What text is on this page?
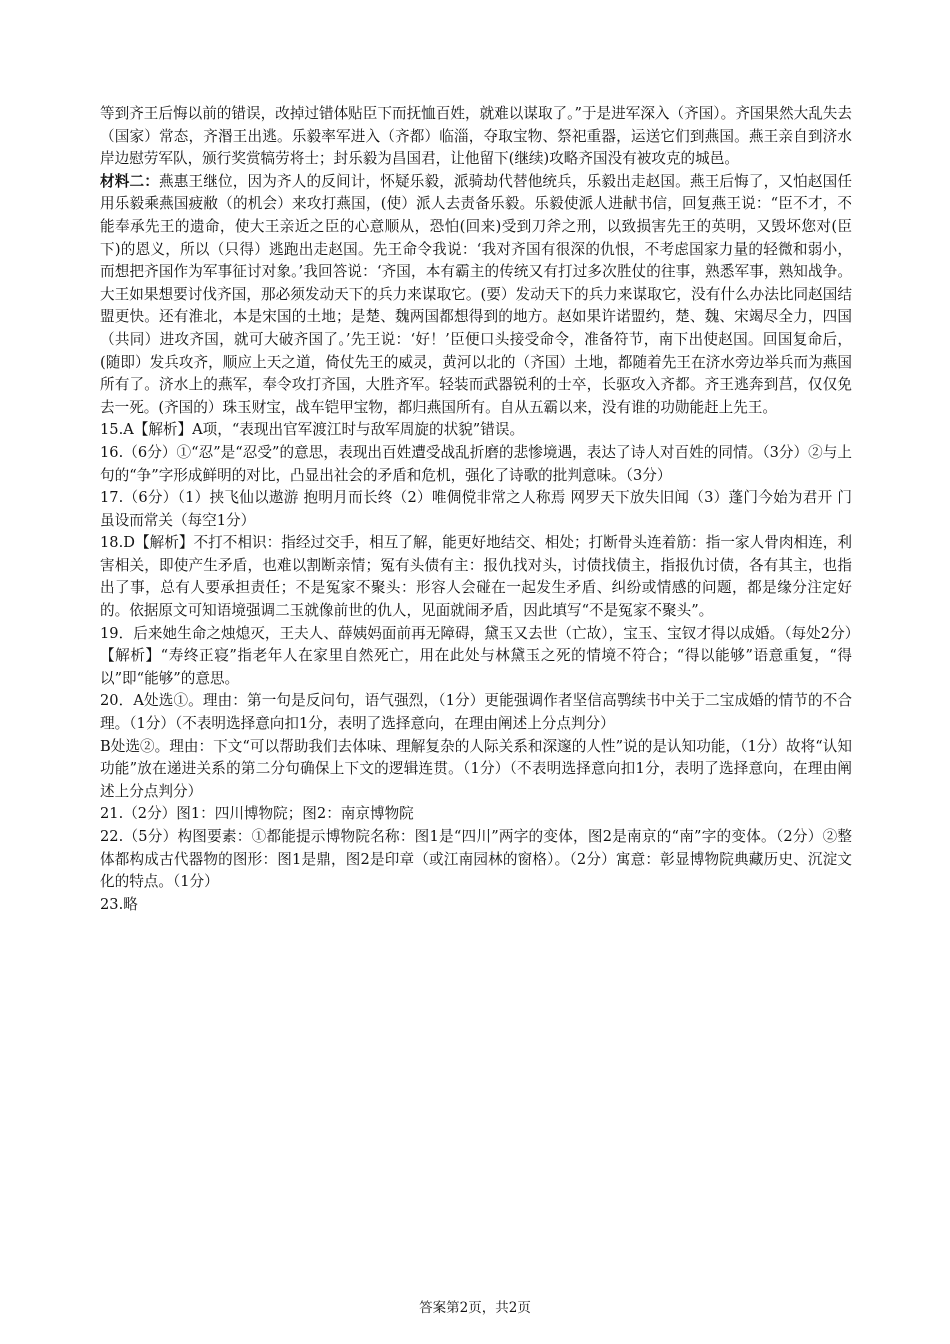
等到齐王后悔以前的错误，改掉过错体贴臣下而抚恤百姓，就难以谋取了。”于是进军深入（齐国）。齐国果然大乱失去（国家）常态，齐湣王出逃。乐毅率军进入（齐都）临淄，夺取宝物、祭祀重器，运送它们到燕国。燕王亲自到济水岸边慰劳军队，颁行奖赏犒劳将士；封乐毅为昌国君，让他留下(继续)攻略齐国没有被攻克的城邑。

材料二：燕惠王继位，因为齐人的反间计，怀疑乐毅，派骑劫代替他统兵，乐毅出走赵国。燕王后悔了，又怕赵国任用乐毅乘燕国疲敝（的机会）来攻打燕国，(使）派人去责备乐毅。乐毅使派人进献书信，回复燕王说：“臣不才，不能奉承先王的遗命，使大王亲近之臣的心意顺从，恐怕(回来)受到刀斧之刑，以致损害先王的英明，又毁坏您对(臣下)的恩义，所以（只得）逃跑出走赵国。先王命令我说：‘我对齐国有很深的仇恨，不考虑国家力量的轻微和弱小，而想把齐国作为军事征讨对象。’我回答说：‘齐国，本有霸主的传统又有打过多次胜仗的往事，熟悉军事，熟知战争。大王如果想要讨伐齐国，那必须发动天下的兵力来谋取它。(要）发动天下的兵力来谋取它，没有什么办法比同赵国结盟更快。还有淮北，本是宋国的土地；是楚、魏两国都想得到的地方。赵如果许诺盟约，楚、魏、宋竭尽全力，四国（共同）进攻齐国，就可大破齐国了。’先王说：‘好！’臣便口头接受命令，准备符节，南下出使赵国。回国复命后，(随即）发兵攻齐，顺应上天之道，倚仗先王的威灵，黄河以北的（齐国）土地，都随着先王在济水旁边举兵而为燕国所有了。济水上的燕军，奉令攻打齐国，大胜齐军。轻装而武器锐利的士卒，长驱攻入齐都。齐王逃奔到莒，仅仅免去一死。(齐国的）珠玉财宝，战车铠甲宝物，都归燕国所有。自从五霸以来，没有谁的功勋能赶上先王。

15.A【解析】A项，“表现出官军渡江时与敌军周旋的状貌”错误。

16.（6分）①“忍”是“忍受”的意思，表现出百姓遭受战乱折磨的悲惨境遇，表达了诗人对百姓的同情。（3分）②与上句的“争”字形成鲜明的对比，凸显出社会的矛盾和危机，强化了诗歌的批判意味。（3分）

17.（6分）（1）挟飞仙以遨游 抱明月而长终（2）唯倜傥非常之人称焉 网罗天下放失旧闻（3）蓬门今始为君开 门虽设而常关（每空1分）

18.D【解析】不打不相识：指经过交手，相互了解，能更好地结交、相处；打断骨头连着筋：指一家人骨肉相连，利害相关，即使产生矛盾，也难以割断亲情；冤有头债有主：报仇找对头，讨债找债主，指报仇讨债，各有其主，也指出了事，总有人要承担责任；不是冤家不聚头：形容人会碰在一起发生矛盾、纠纷或情感的问题，都是缘分注定好的。依据原文可知语境强调二玉就像前世的仇人，见面就闹矛盾，因此填写“不是冤家不聚头”。

19．后来她生命之烛熄灭，王夫人、薛姨妈面前再无障碍，黛玉又去世（亡故），宝玉、宝钗才得以成婚。（每处2分）【解析】“寿终正寝”指老年人在家里自然死亡，用在此处与林黛玉之死的情境不符合；“得以能够”语意重复，“得以”即“能够”的意思。

20．A处选①。理由：第一句是反问句，语气强烈，（1分）更能强调作者坚信高鹗续书中关于二宝成婚的情节的不合理。（1分）（不表明选择意向扣1分，表明了选择意向，在理由阐述上分点判分）

B处选②。理由：下文“可以帮助我们去体味、理解复杂的人际关系和深邃的人性”说的是认知功能，（1分）故将“认知功能”放在递进关系的第二分句确保上下文的逻辑连贯。（1分）（不表明选择意向扣1分，表明了选择意向，在理由阐述上分点判分）

21.（2分）图1：四川博物院；图2：南京博物院

22.（5分）构图要素：①都能提示博物院名称：图1是“四川”两字的变体，图2是南京的“南”字的变体。（2分）②整体都构成古代器物的图形：图1是鼎，图2是印章（或江南园林的窗格）。（2分）寓意：彰显博物院典藏历史、沉淀文化的特点。（1分）

23.略

答案第2页，共2页
